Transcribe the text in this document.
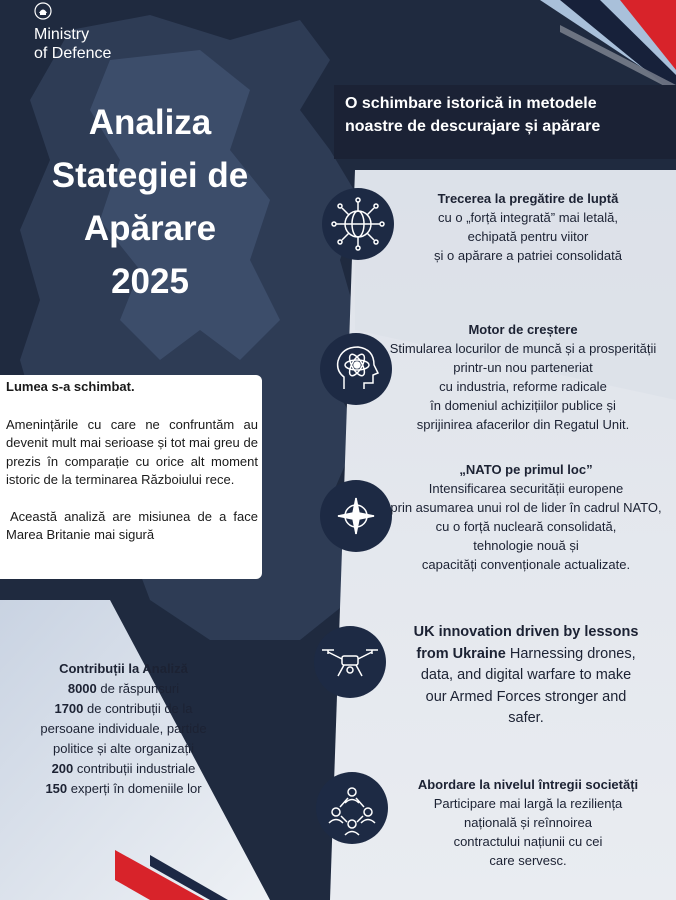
Ministry
of Defence
Analiza
Stategiei de
Apărare
2025
O schimbare istorică in metodele
noastre de descurajare și apărare
Lumea s-a schimbat.
Amenințările cu care ne confruntăm au devenit mult mai serioase și tot mai greu de prezis în comparație cu orice alt moment istoric de la terminarea Războiului rece.
Această analiză are misiunea de a face Marea Britanie mai sigură
Contribuții la Analiză
8000 de răspunsuri
1700 de contribuții de la
persoane individuale, partide
politice și alte organizații
200 contribuții industriale
150 experți în domeniile lor
Trecerea la pregătire de luptă
cu o „forță integrată” mai letală,
echipată pentru viitor
și o apărare a patriei consolidată
Motor de creștere
Stimularea locurilor de muncă și a prosperității
printr-un nou parteneriat
cu industria, reforme radicale
în domeniul achizițiilor publice și
sprijinirea afacerilor din Regatul Unit.
„NATO pe primul loc”
Intensificarea securității europene
prin asumarea unui rol de lider în cadrul NATO,
cu o forță nucleară consolidată,
tehnologie nouă și
capacități convenționale actualizate.
UK innovation driven by lessons
from Ukraine Harnessing drones,
data, and digital warfare to make
our Armed Forces stronger and
safer.
Abordare la nivelul întregii societăți
Participare mai largă la reziliența
națională și reînnoirea
contractului națiunii cu cei
care servesc.
